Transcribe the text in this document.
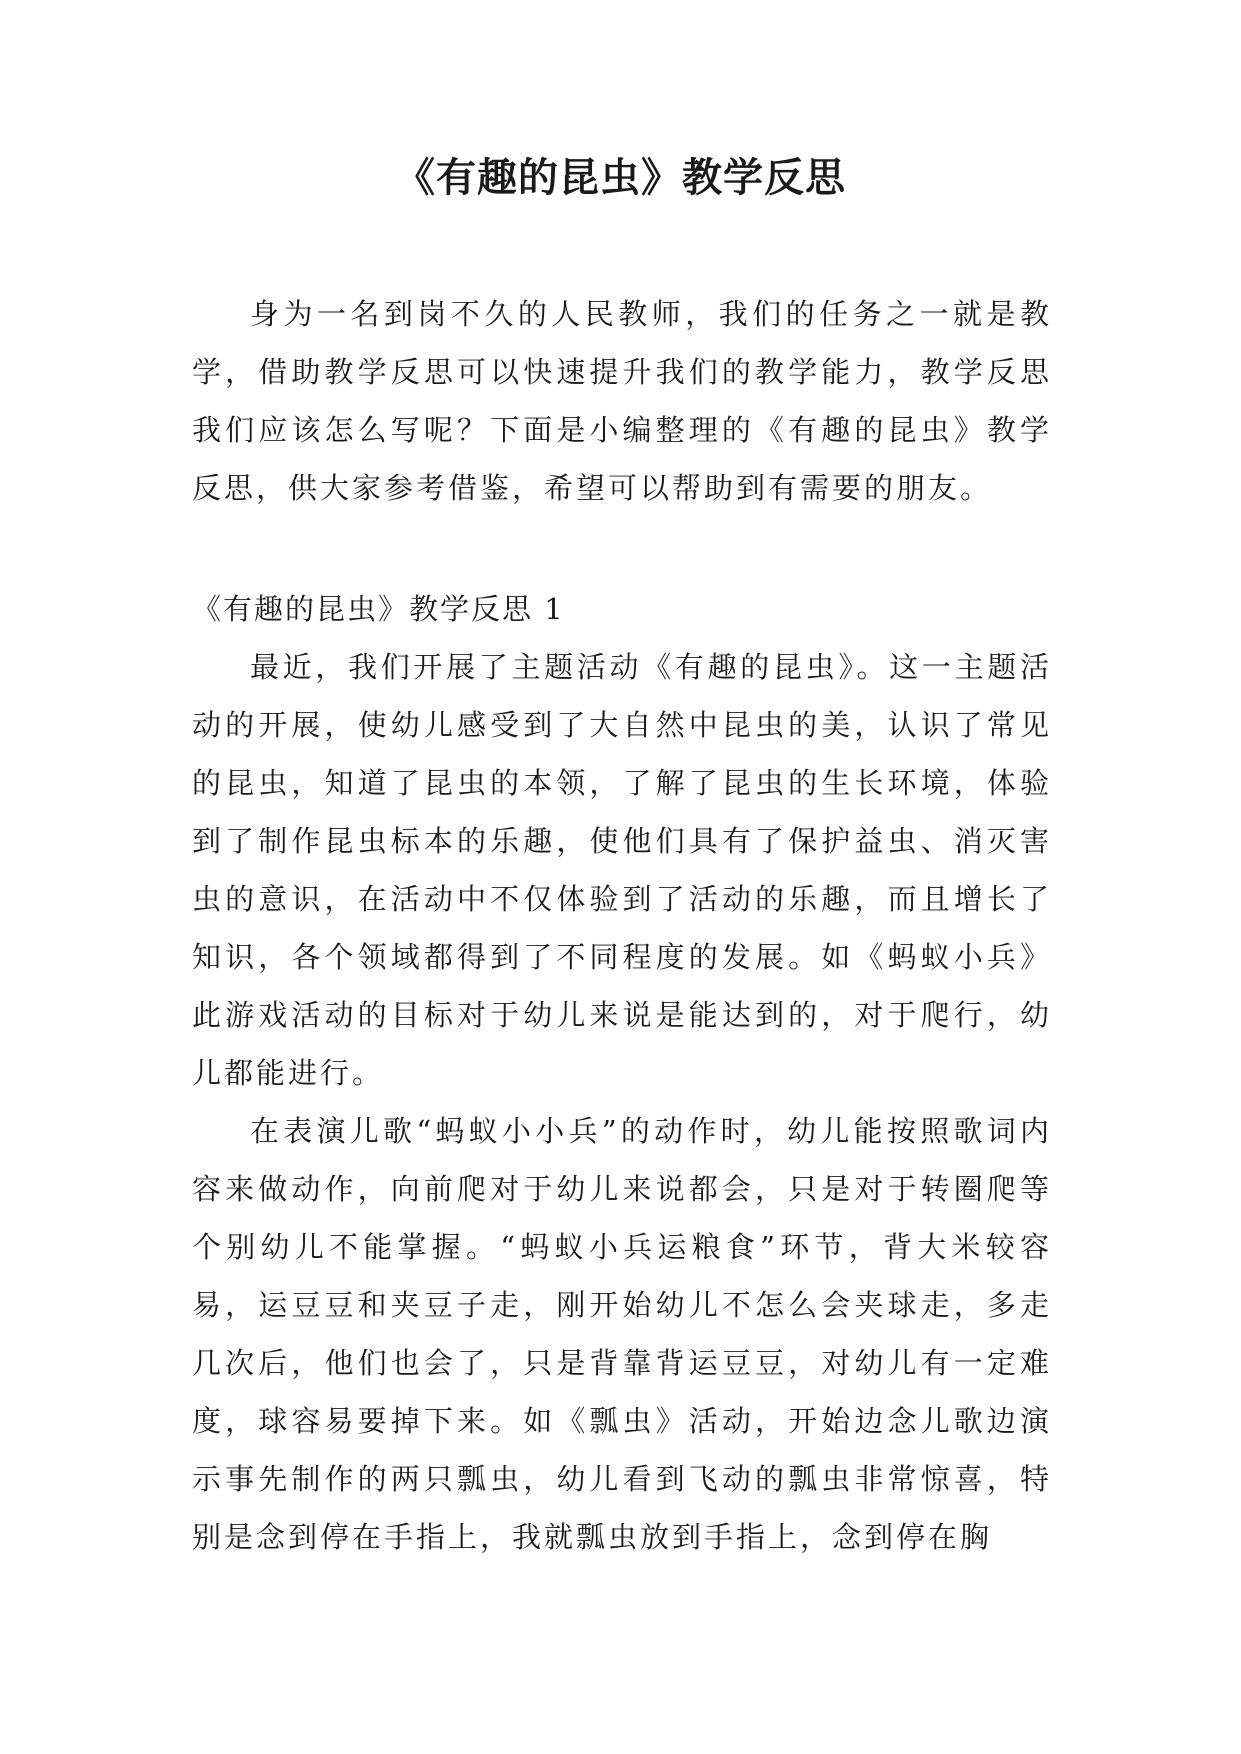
《有趣的昆虫》教学反思

身为一名到岗不久的人民教师，我们的任务之一就是教学，借助教学反思可以快速提升我们的教学能力，教学反思我们应该怎么写呢？下面是小编整理的《有趣的昆虫》教学反思，供大家参考借鉴，希望可以帮助到有需要的朋友。

《有趣的昆虫》教学反思 1

最近，我们开展了主题活动《有趣的昆虫》。这一主题活动的开展，使幼儿感受到了大自然中昆虫的美，认识了常见的昆虫，知道了昆虫的本领，了解了昆虫的生长环境，体验到了制作昆虫标本的乐趣，使他们具有了保护益虫、消灭害虫的意识，在活动中不仅体验到了活动的乐趣，而且增长了知识，各个领域都得到了不同程度的发展。如《蚂蚁小兵》此游戏活动的目标对于幼儿来说是能达到的，对于爬行，幼儿都能进行。

在表演儿歌“蚂蚁小小兵”的动作时，幼儿能按照歌词内容来做动作，向前爬对于幼儿来说都会，只是对于转圈爬等个别幼儿不能掌握。“蚂蚁小兵运粮食”环节，背大米较容易，运豆豆和夹豆子走，刚开始幼儿不怎么会夹球走，多走几次后，他们也会了，只是背靠背运豆豆，对幼儿有一定难度，球容易要掉下来。如《瓢虫》活动，开始边念儿歌边演示事先制作的两只瓢虫，幼儿看到飞动的瓢虫非常惊喜，特别是念到停在手指上，我就瓢虫放到手指上，念到停在胸
